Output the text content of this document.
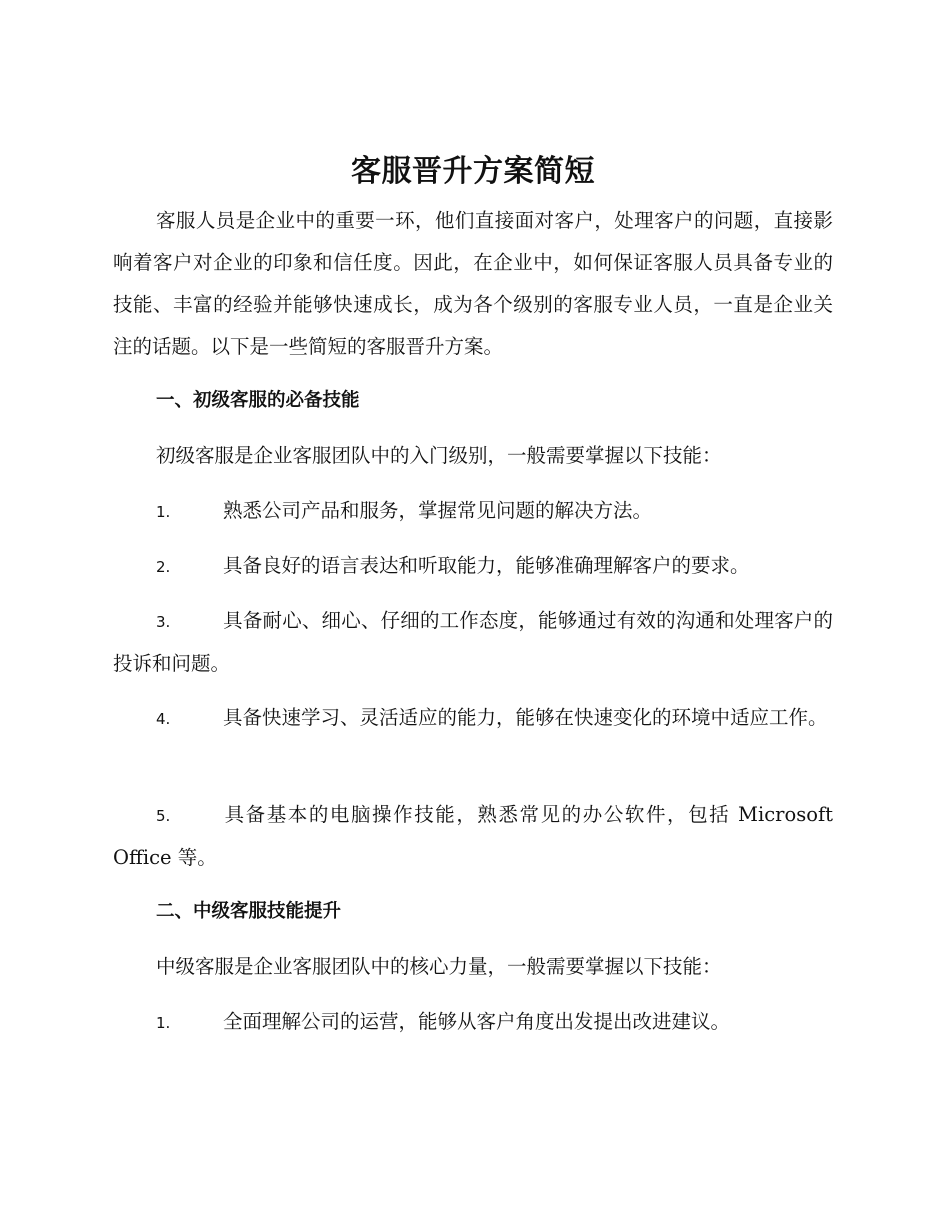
客服晋升方案简短

客服人员是企业中的重要一环，他们直接面对客户，处理客户的问题，直接影响着客户对企业的印象和信任度。因此，在企业中，如何保证客服人员具备专业的技能、丰富的经验并能够快速成长，成为各个级别的客服专业人员，一直是企业关注的话题。以下是一些简短的客服晋升方案。

一、初级客服的必备技能

初级客服是企业客服团队中的入门级别，一般需要掌握以下技能：

1.	熟悉公司产品和服务，掌握常见问题的解决方法。

2.	具备良好的语言表达和听取能力，能够准确理解客户的要求。

3.	具备耐心、细心、仔细的工作态度，能够通过有效的沟通和处理客户的投诉和问题。

4.	具备快速学习、灵活适应的能力，能够在快速变化的环境中适应工作。

5.	具备基本的电脑操作技能，熟悉常见的办公软件，包括 Microsoft Office 等。

二、中级客服技能提升

中级客服是企业客服团队中的核心力量，一般需要掌握以下技能：

1.	全面理解公司的运营，能够从客户角度出发提出改进建议。
